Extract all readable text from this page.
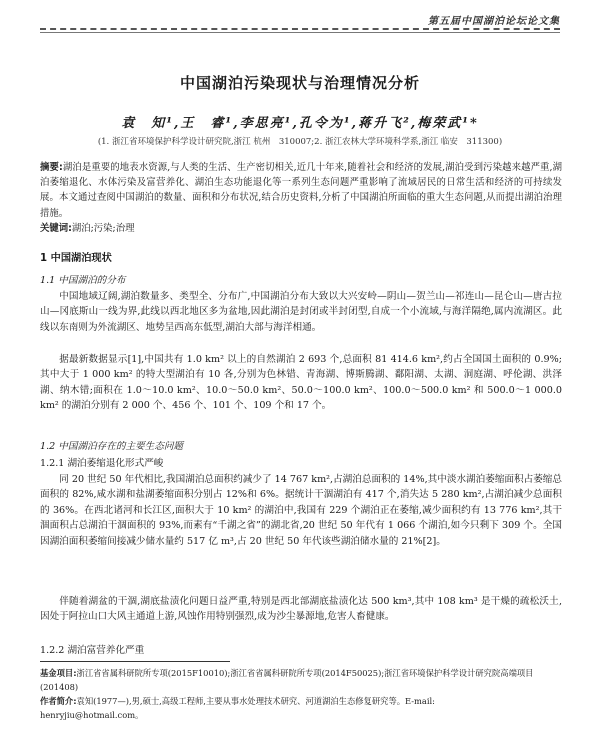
第五届中国湖泊论坛论文集
中国湖泊污染现状与治理情况分析
袁　知¹,王　睿¹,李思亮¹,孔令为¹,蒋升飞²,梅荣武¹*
(1. 浙江省环境保护科学设计研究院,浙江 杭州　310007;2. 浙江农林大学环境科学系,浙江 临安　311300)

摘要:湖泊是重要的地表水资源,与人类的生活、生产密切相关,近几十年来,随着社会和经济的发展,湖泊受到污染越来越严重,湖泊萎缩退化、水体污染及富营养化、湖泊生态功能退化等一系列生态问题严重影响了流域居民的日常生活和经济的可持续发展。本文通过查阅中国湖泊的数量、面积和分布状况,结合历史资料,分析了中国湖泊所面临的重大生态问题,从而提出湖泊治理措施。
关键词:湖泊;污染;治理

1 中国湖泊现状
1.1 中国湖泊的分布

中国地域辽阔,湖泊数量多、类型全、分布广,中国湖泊分布大致以大兴安岭—阴山—贺兰山—祁连山—昆仑山—唐古拉山—冈底斯山一线为界,此线以西北地区多为盆地,因此湖泊是封闭或半封闭型,自成一个小流域,与海洋隔绝,属内流湖区。此线以东南则为外流湖区、地势呈西高东低型,湖泊大部与海洋相通。

据最新数据显示[1],中国共有 1.0 km² 以上的自然湖泊 2 693 个,总面积 81 414.6 km²,约占全国国土面积的 0.9%;其中大于 1 000 km² 的特大型湖泊有 10 各,分别为色林错、青海湖、博斯腾湖、鄱阳湖、太湖、洞庭湖、呼伦湖、洪泽湖、纳木错;面积在 1.0～10.0 km²、10.0～50.0 km²、50.0～100.0 km²、100.0～500.0 km² 和 500.0～1 000.0 km² 的湖泊分别有 2 000 个、456 个、101 个、109 个和 17 个。

1.2 中国湖泊存在的主要生态问题
1.2.1 湖泊萎缩退化形式严峻

同 20 世纪 50 年代相比,我国湖泊总面积约减少了 14 767 km²,占湖泊总面积的 14%,其中淡水湖泊萎缩面积占萎缩总面积的 82%,咸水湖和盐湖萎缩面积分别占 12%和 6%。据统计干涸湖泊有 417 个,消失达 5 280 km²,占湖泊减少总面积的 36%。在西北诸河和长江区,面积大于 10 km² 的湖泊中,我国有 229 个湖泊正在萎缩,减少面积约有 13 776 km²,其干涸面积占总湖泊干涸面积的 93%,而素有“千湖之省”的湖北省,20 世纪 50 年代有 1 066 个湖泊,如今只剩下 309 个。全国因湖泊面积萎缩间接减少储水量约 517 亿 m³,占 20 世纪 50 年代该些湖泊储水量的 21%[2]。

伴随着湖盆的干涸,湖底盐渍化问题日益严重,特别是西北部湖底盐渍化达 500 km³,其中 108 km³ 是干燥的疏松沃土,因处于阿拉山口大风主通道上游,风蚀作用特别强烈,成为沙尘暴源地,危害人畜健康。

1.2.2 湖泊富营养化严重

基金项目:浙江省省属科研院所专项(2015F10010);浙江省省属科研院所专项(2014F50025);浙江省环境保护科学设计研究院高端项目(201408)
作者简介:袁知(1977—),男,硕士,高级工程师,主要从事水处理技术研究、河道湖泊生态修复研究等。E-mail:
henryjiu@hotmail.com。
